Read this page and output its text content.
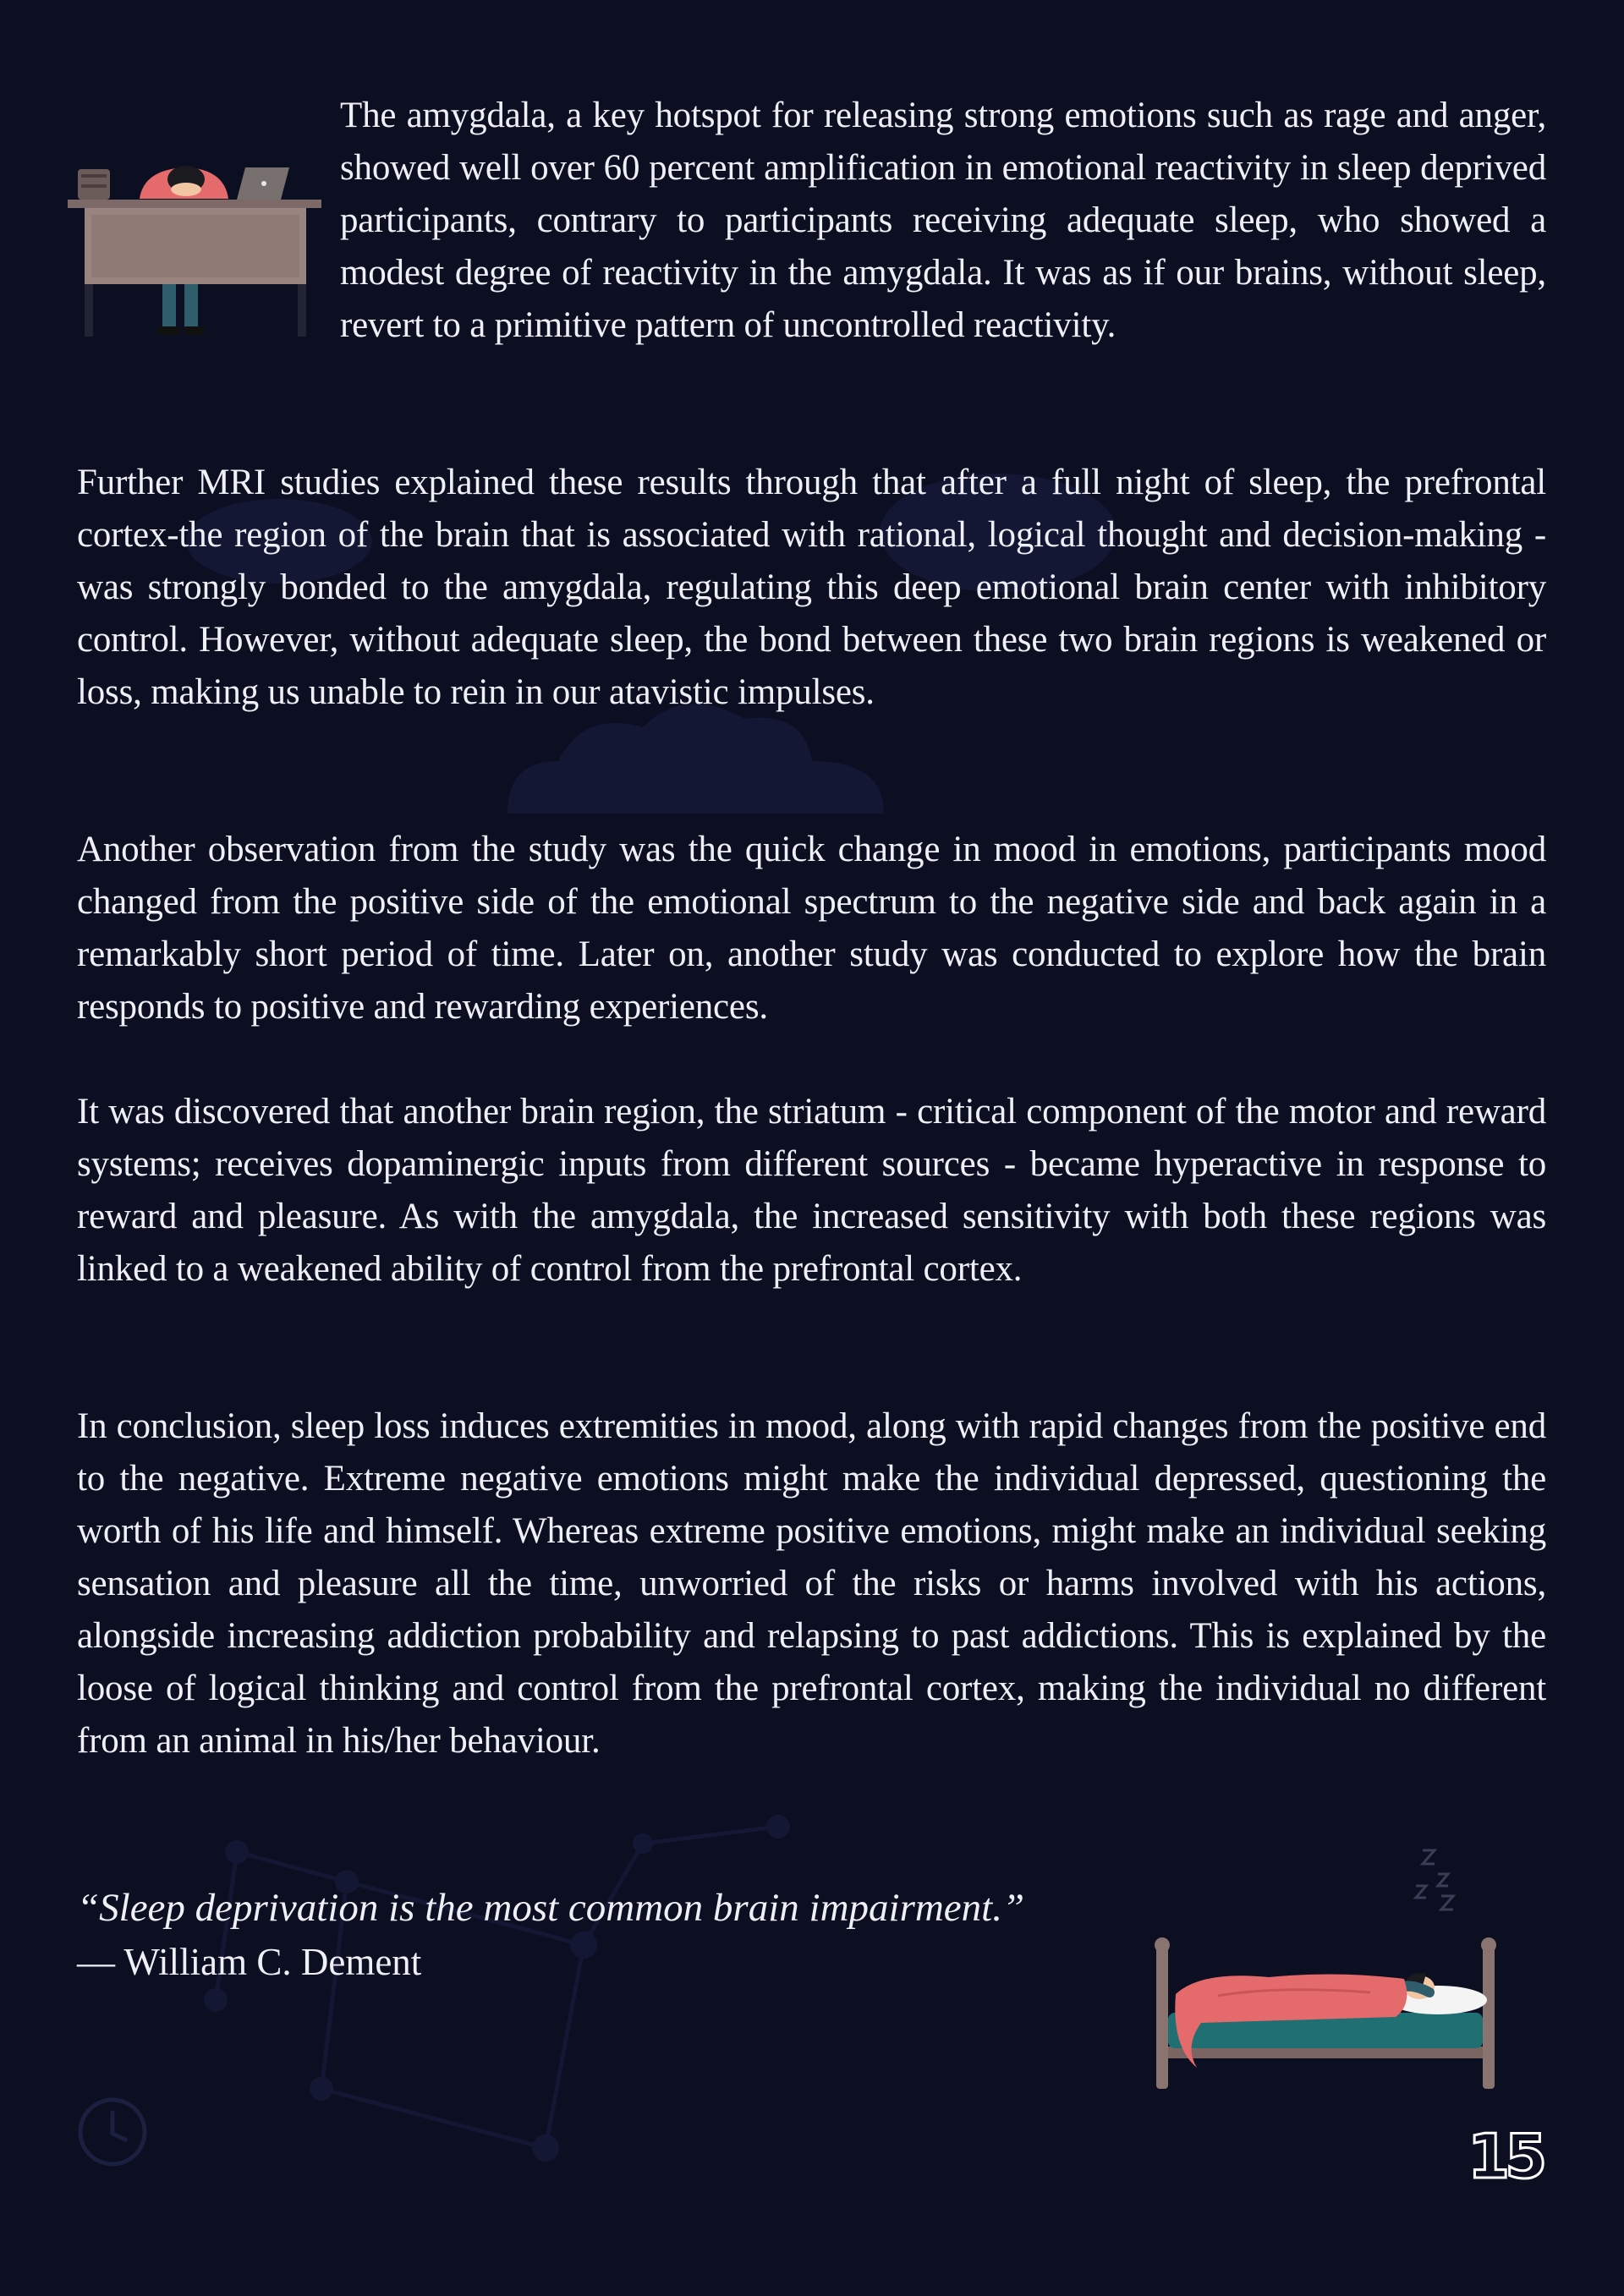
The amygdala, a key hotspot for releasing strong emotions such as rage and anger, showed well over 60 percent amplification in emotional reactivity in sleep deprived participants, contrary to participants receiving adequate sleep, who showed a modest degree of reactivity in the amygdala. It was as if our brains, without sleep, revert to a primitive pattern of uncontrolled reactivity.

Further MRI studies explained these results through that after a full night of sleep, the prefrontal cortex-the region of the brain that is associated with rational, logical thought and decision-making - was strongly bonded to the amygdala, regulating this deep emotional brain center with inhibitory control. However, without adequate sleep, the bond between these two brain regions is weakened or loss, making us unable to rein in our atavistic impulses.

Another observation from the study was the quick change in mood in emotions, participants mood changed from the positive side of the emotional spectrum to the negative side and back again in a remarkably short period of time. Later on, another study was conducted to explore how the brain responds to positive and rewarding experiences.

It was discovered that another brain region, the striatum - critical component of the motor and reward systems; receives dopaminergic inputs from different sources - became hyperactive in response to reward and pleasure. As with the amygdala, the increased sensitivity with both these regions was linked to a weakened ability of control from the prefrontal cortex.

In conclusion, sleep loss induces extremities in mood, along with rapid changes from the positive end to the negative. Extreme negative emotions might make the individual depressed, questioning the worth of his life and himself. Whereas extreme positive emotions, might make an individual seeking sensation and pleasure all the time, unworried of the risks or harms involved with his actions, alongside increasing addiction probability and relapsing to past addictions. This is explained by the loose of logical thinking and control from the prefrontal cortex, making the individual no different from an animal in his/her behaviour.

“Sleep deprivation is the most common brain impairment.”
— William C. Dement
15
